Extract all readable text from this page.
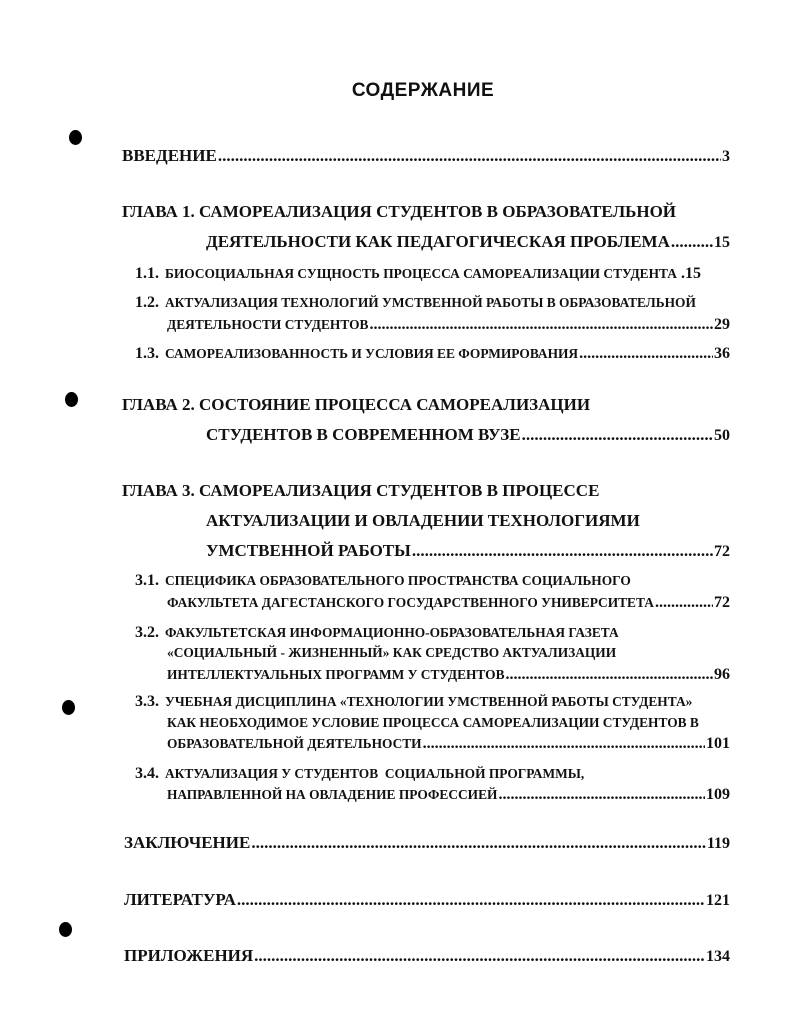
СОДЕРЖАНИЕ
ВВЕДЕНИЕ .....	3
ГЛАВА 1. САМОРЕАЛИЗАЦИЯ СТУДЕНТОВ В ОБРАЗОВАТЕЛЬНОЙ
ДЕЯТЕЛЬНОСТИ КАК ПЕДАГОГИЧЕСКАЯ ПРОБЛЕМА .....	15
1.1. БИОСОЦИАЛЬНАЯ СУЩНОСТЬ ПРОЦЕССА САМОРЕАЛИЗАЦИИ СТУДЕНТА .15
1.2. АКТУАЛИЗАЦИЯ ТЕХНОЛОГИЙ УМСТВЕННОЙ РАБОТЫ В ОБРАЗОВАТЕЛЬНОЙ
ДЕЯТЕЛЬНОСТИ СТУДЕНТОВ .....	29
1.3. САМОРЕАЛИЗОВАННОСТЬ И УСЛОВИЯ ЕЕ ФОРМИРОВАНИЯ .....	36
ГЛАВА 2. СОСТОЯНИЕ ПРОЦЕССА САМОРЕАЛИЗАЦИИ
СТУДЕНТОВ В СОВРЕМЕННОМ ВУЗЕ .....	50
ГЛАВА 3. САМОРЕАЛИЗАЦИЯ СТУДЕНТОВ В ПРОЦЕССЕ
АКТУАЛИЗАЦИИ И ОВЛАДЕНИИ ТЕХНОЛОГИЯМИ
УМСТВЕННОЙ РАБОТЫ .....	72
3.1. СПЕЦИФИКА ОБРАЗОВАТЕЛЬНОГО ПРОСТРАНСТВА СОЦИАЛЬНОГО
ФАКУЛЬТЕТА ДАГЕСТАНСКОГО ГОСУДАРСТВЕННОГО УНИВЕРСИТЕТА .....	72
3.2. ФАКУЛЬТЕТСКАЯ ИНФОРМАЦИОННО-ОБРАЗОВАТЕЛЬНАЯ ГАЗЕТА
«СОЦИАЛЬНЫЙ - ЖИЗНЕННЫЙ» КАК СРЕДСТВО АКТУАЛИЗАЦИИ
ИНТЕЛЛЕКТУАЛЬНЫХ ПРОГРАММ У СТУДЕНТОВ .....	96
3.3. УЧЕБНАЯ ДИСЦИПЛИНА «ТЕХНОЛОГИИ УМСТВЕННОЙ РАБОТЫ СТУДЕНТА»
КАК НЕОБХОДИМОЕ УСЛОВИЕ ПРОЦЕССА САМОРЕАЛИЗАЦИИ СТУДЕНТОВ В
ОБРАЗОВАТЕЛЬНОЙ ДЕЯТЕЛЬНОСТИ .....	101
3.4. АКТУАЛИЗАЦИЯ У СТУДЕНТОВ  СОЦИАЛЬНОЙ ПРОГРАММЫ,
НАПРАВЛЕННОЙ НА ОВЛАДЕНИЕ ПРОФЕССИЕЙ .....	109
ЗАКЛЮЧЕНИЕ .....	119
ЛИТЕРАТУРА .....	121
ПРИЛОЖЕНИЯ .....	134
